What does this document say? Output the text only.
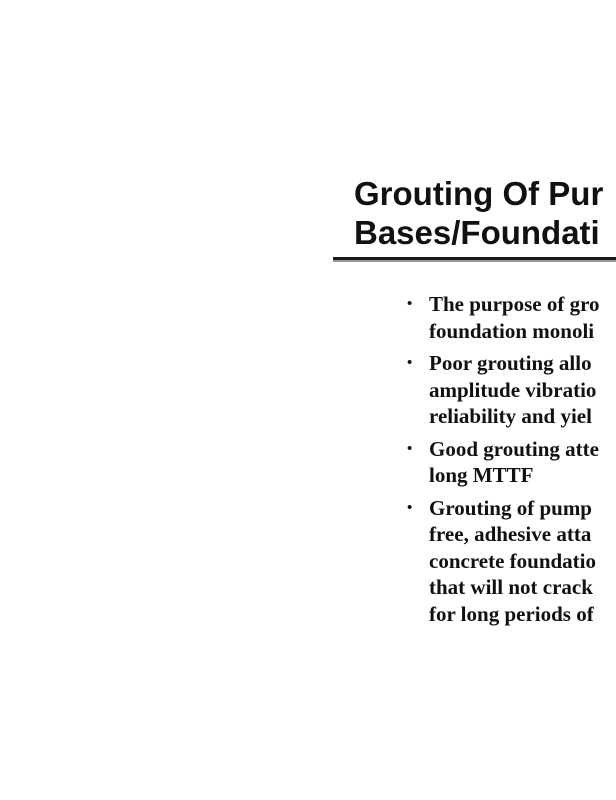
Grouting Of Pur
Bases/Foundati
• The purpose of gro
foundation monoli
• Poor grouting allo
amplitude vibratio
reliability and yiel
• Good grouting atte
long MTTF
• Grouting of pump
free, adhesive atta
concrete foundatio
that will not crack
for long periods of
